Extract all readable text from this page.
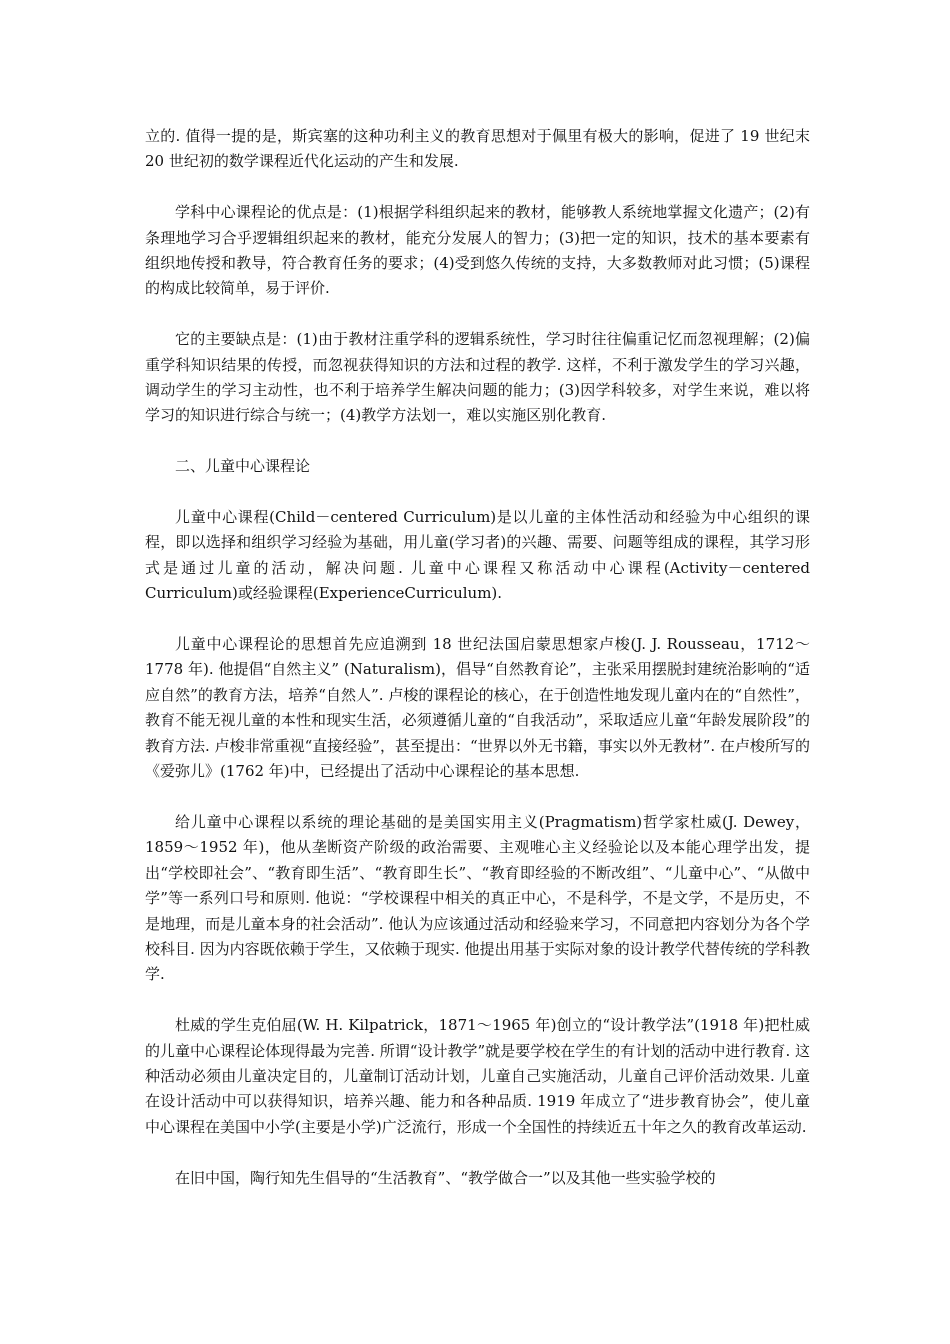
立的. 值得一提的是，斯宾塞的这种功利主义的教育思想对于佩里有极大的影响，促进了 19 世纪末 20 世纪初的数学课程近代化运动的产生和发展.

学科中心课程论的优点是：(1)根据学科组织起来的教材，能够教人系统地掌握文化遗产；(2)有条理地学习合乎逻辑组织起来的教材，能充分发展人的智力；(3)把一定的知识，技术的基本要素有组织地传授和教导，符合教育任务的要求；(4)受到悠久传统的支持，大多数教师对此习惯；(5)课程的构成比较简单，易于评价.

它的主要缺点是：(1)由于教材注重学科的逻辑系统性，学习时往往偏重记忆而忽视理解；(2)偏重学科知识结果的传授，而忽视获得知识的方法和过程的教学. 这样，不利于激发学生的学习兴趣，调动学生的学习主动性，也不利于培养学生解决问题的能力；(3)因学科较多，对学生来说，难以将学习的知识进行综合与统一；(4)教学方法划一，难以实施区别化教育.

二、儿童中心课程论

儿童中心课程(Child－centered Curriculum)是以儿童的主体性活动和经验为中心组织的课程，即以选择和组织学习经验为基础，用儿童(学习者)的兴趣、需要、问题等组成的课程，其学习形式是通过儿童的活动，解决问题. 儿童中心课程又称活动中心课程(Activity－centered Curriculum)或经验课程(ExperienceCurriculum).

儿童中心课程论的思想首先应追溯到 18 世纪法国启蒙思想家卢梭(J. J. Rousseau，1712～1778 年). 他提倡“自然主义” (Naturalism)，倡导“自然教育论”，主张采用摆脱封建统治影响的“适应自然”的教育方法，培养“自然人”. 卢梭的课程论的核心，在于创造性地发现儿童内在的“自然性”，教育不能无视儿童的本性和现实生活，必须遵循儿童的“自我活动”，采取适应儿童“年龄发展阶段”的教育方法. 卢梭非常重视“直接经验”，甚至提出：“世界以外无书籍，事实以外无教材”. 在卢梭所写的《爱弥儿》(1762 年)中，已经提出了活动中心课程论的基本思想.

给儿童中心课程以系统的理论基础的是美国实用主义(Pragmatism)哲学家杜威(J. Dewey，1859～1952 年)，他从垄断资产阶级的政治需要、主观唯心主义经验论以及本能心理学出发，提出“学校即社会”、“教育即生活”、“教育即生长”、“教育即经验的不断改组”、“儿童中心”、“从做中学”等一系列口号和原则. 他说：“学校课程中相关的真正中心，不是科学，不是文学，不是历史，不是地理，而是儿童本身的社会活动”. 他认为应该通过活动和经验来学习，不同意把内容划分为各个学校科目. 因为内容既依赖于学生，又依赖于现实. 他提出用基于实际对象的设计教学代替传统的学科教学.

杜威的学生克伯屈(W. H. Kilpatrick，1871～1965 年)创立的“设计教学法”(1918 年)把杜威的儿童中心课程论体现得最为完善. 所谓“设计教学”就是要学校在学生的有计划的活动中进行教育. 这种活动必须由儿童决定目的，儿童制订活动计划，儿童自己实施活动，儿童自己评价活动效果. 儿童在设计活动中可以获得知识，培养兴趣、能力和各种品质. 1919 年成立了“进步教育协会”，使儿童中心课程在美国中小学(主要是小学)广泛流行，形成一个全国性的持续近五十年之久的教育改革运动.

在旧中国，陶行知先生倡导的“生活教育”、“教学做合一”以及其他一些实验学校的
